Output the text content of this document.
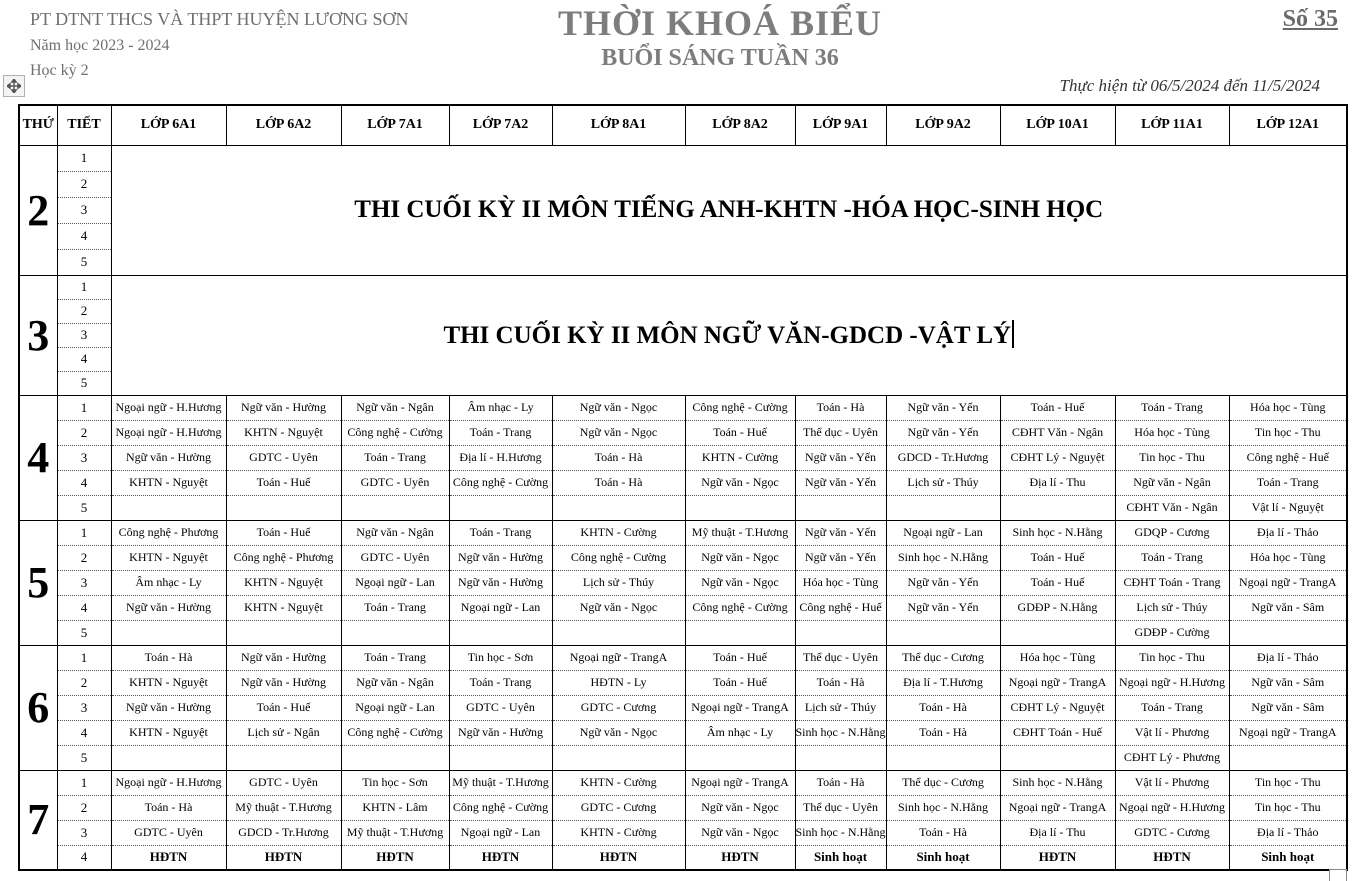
PT DTNT THCS VÀ THPT HUYỆN LƯƠNG SƠN
Năm học 2023 - 2024
Học kỳ 2
THỜI KHOÁ BIỂU
BUỔI SÁNG TUẦN 36
Số 35
Thực hiện từ 06/5/2024 đến 11/5/2024
THỨ	TIẾT	LỚP 6A1	LỚP 6A2	LỚP 7A1	LỚP 7A2	LỚP 8A1	LỚP 8A2	LỚP 9A1	LỚP 9A2	LỚP 10A1	LỚP 11A1	LỚP 12A1
2	1	THI CUỐI KỲ II MÔN TIẾNG ANH-KHTN -HÓA HỌC-SINH HỌC										
	2											
	3											
	4											
	5											
3	1	THI CUỐI KỲ II MÔN NGỮ VĂN-GDCD -VẬT LÝ										
	2											
	3											
	4											
	5											
4	1	Ngoại ngữ - H.Hương	Ngữ văn - Hường	Ngữ văn - Ngân	Âm nhạc - Ly	Ngữ văn - Ngọc	Công nghệ - Cường	Toán - Hà	Ngữ văn - Yến	Toán - Huế	Toán - Trang	Hóa học - Tùng
	2	Ngoại ngữ - H.Hương	KHTN - Nguyệt	Công nghệ - Cường	Toán - Trang	Ngữ văn - Ngọc	Toán - Huế	Thể dục - Uyên	Ngữ văn - Yến	CĐHT Văn - Ngân	Hóa học - Tùng	Tin học - Thu
	3	Ngữ văn - Hường	GDTC - Uyên	Toán - Trang	Địa lí - H.Hương	Toán - Hà	KHTN - Cường	Ngữ văn - Yến	GDCD - Tr.Hương	CĐHT Lý - Nguyệt	Tin học - Thu	Công nghệ - Huế
	4	KHTN - Nguyệt	Toán - Huế	GDTC - Uyên	Công nghệ - Cường	Toán - Hà	Ngữ văn - Ngọc	Ngữ văn - Yến	Lịch sử - Thúy	Địa lí - Thu	Ngữ văn - Ngân	Toán - Trang
	5										CĐHT Văn - Ngân	Vật lí - Nguyệt
5	1	Công nghệ - Phương	Toán - Huế	Ngữ văn - Ngân	Toán - Trang	KHTN - Cường	Mỹ thuật - T.Hương	Ngữ văn - Yến	Ngoại ngữ - Lan	Sinh học - N.Hằng	GDQP - Cương	Địa lí - Thảo
	2	KHTN - Nguyệt	Công nghệ - Phương	GDTC - Uyên	Ngữ văn - Hường	Công nghệ - Cường	Ngữ văn - Ngọc	Ngữ văn - Yến	Sinh học - N.Hằng	Toán - Huế	Toán - Trang	Hóa học - Tùng
	3	Âm nhạc - Ly	KHTN - Nguyệt	Ngoại ngữ - Lan	Ngữ văn - Hường	Lịch sử - Thúy	Ngữ văn - Ngọc	Hóa học - Tùng	Ngữ văn - Yến	Toán - Huế	CĐHT Toán - Trang	Ngoại ngữ - TrangA
	4	Ngữ văn - Hường	KHTN - Nguyệt	Toán - Trang	Ngoại ngữ - Lan	Ngữ văn - Ngọc	Công nghệ - Cường	Công nghệ - Huế	Ngữ văn - Yến	GDĐP - N.Hằng	Lịch sử - Thúy	Ngữ văn - Sâm
	5										GDĐP - Cường	
6	1	Toán - Hà	Ngữ văn - Hường	Toán - Trang	Tin học - Sơn	Ngoại ngữ - TrangA	Toán - Huế	Thể dục - Uyên	Thể dục - Cương	Hóa học - Tùng	Tin học - Thu	Địa lí - Thảo
	2	KHTN - Nguyệt	Ngữ văn - Hường	Ngữ văn - Ngân	Toán - Trang	HĐTN - Ly	Toán - Huế	Toán - Hà	Địa lí - T.Hương	Ngoại ngữ - TrangA	Ngoại ngữ - H.Hương	Ngữ văn - Sâm
	3	Ngữ văn - Hường	Toán - Huế	Ngoại ngữ - Lan	GDTC - Uyên	GDTC - Cương	Ngoại ngữ - TrangA	Lịch sử - Thúy	Toán - Hà	CĐHT Lý - Nguyệt	Toán - Trang	Ngữ văn - Sâm
	4	KHTN - Nguyệt	Lịch sử - Ngân	Công nghệ - Cường	Ngữ văn - Hường	Ngữ văn - Ngọc	Âm nhạc - Ly	Sinh học - N.Hằng	Toán - Hà	CĐHT Toán - Huế	Vật lí - Phương	Ngoại ngữ - TrangA
	5										CĐHT Lý - Phương	
7	1	Ngoại ngữ - H.Hương	GDTC - Uyên	Tin học - Sơn	Mỹ thuật - T.Hương	KHTN - Cường	Ngoại ngữ - TrangA	Toán - Hà	Thể dục - Cương	Sinh học - N.Hằng	Vật lí - Phương	Tin học - Thu
	2	Toán - Hà	Mỹ thuật - T.Hương	KHTN - Lâm	Công nghệ - Cường	GDTC - Cương	Ngữ văn - Ngọc	Thể dục - Uyên	Sinh học - N.Hằng	Ngoại ngữ - TrangA	Ngoại ngữ - H.Hương	Tin học - Thu
	3	GDTC - Uyên	GDCD - Tr.Hương	Mỹ thuật - T.Hương	Ngoại ngữ - Lan	KHTN - Cường	Ngữ văn - Ngọc	Sinh học - N.Hằng	Toán - Hà	Địa lí - Thu	GDTC - Cương	Địa lí - Thảo
	4	HĐTN	HĐTN	HĐTN	HĐTN	HĐTN	HĐTN	Sinh hoạt	Sinh hoạt	HĐTN	HĐTN	Sinh hoạt
